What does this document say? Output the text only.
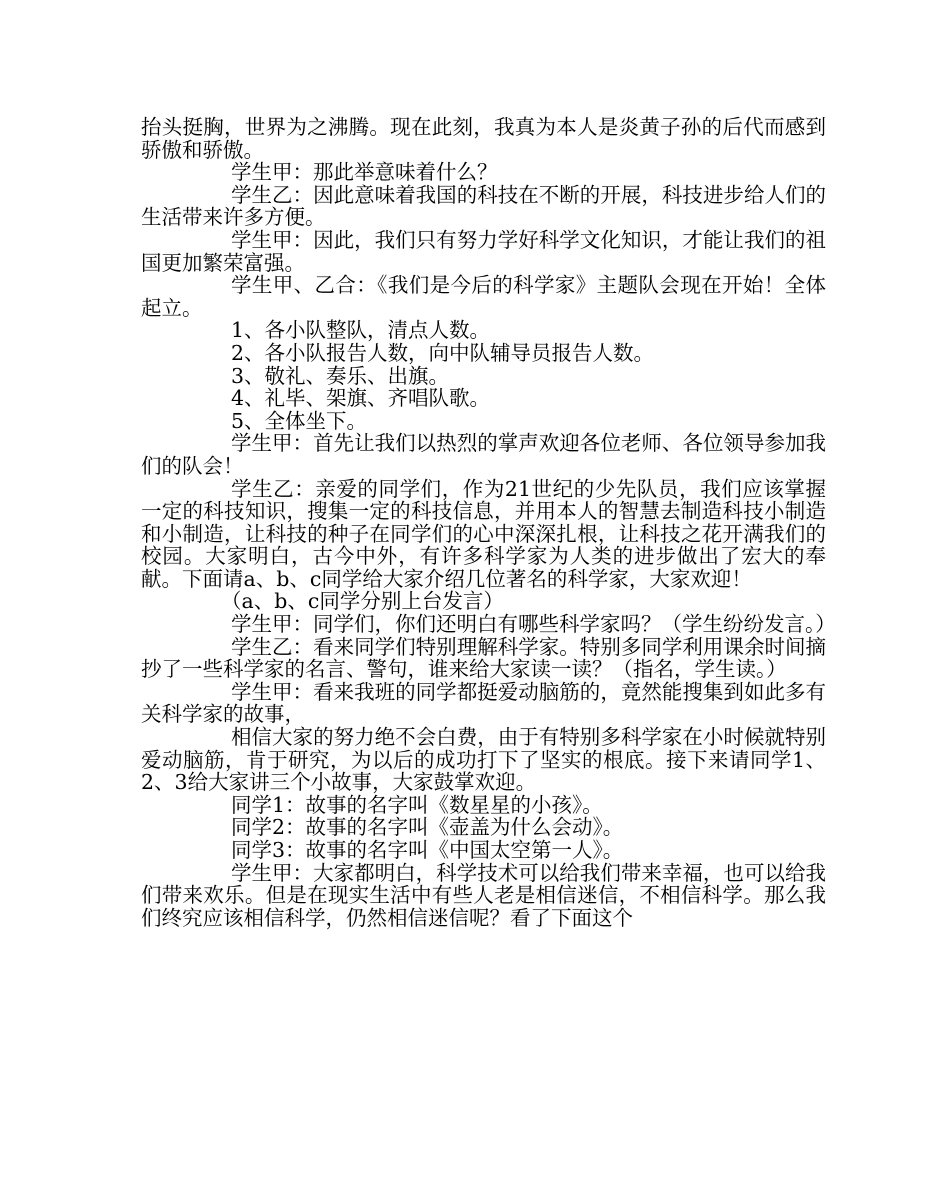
抬头挺胸，世界为之沸腾。现在此刻，我真为本人是炎黄子孙的后代而感到骄傲和骄傲。

学生甲：那此举意味着什么？

学生乙：因此意味着我国的科技在不断的开展，科技进步给人们的生活带来许多方便。

学生甲：因此，我们只有努力学好科学文化知识，才能让我们的祖国更加繁荣富强。

学生甲、乙合：《我们是今后的科学家》主题队会现在开始！全体起立。

1、各小队整队，清点人数。

2、各小队报告人数，向中队辅导员报告人数。

3、敬礼、奏乐、出旗。

4、礼毕、架旗、齐唱队歌。

5、全体坐下。

学生甲：首先让我们以热烈的掌声欢迎各位老师、各位领导参加我们的队会！

学生乙：亲爱的同学们，作为21世纪的少先队员，我们应该掌握一定的科技知识，搜集一定的科技信息，并用本人的智慧去制造科技小制造和小制造，让科技的种子在同学们的心中深深扎根，让科技之花开满我们的校园。大家明白，古今中外，有许多科学家为人类的进步做出了宏大的奉献。下面请a、b、c同学给大家介绍几位著名的科学家，大家欢迎！

（a、b、c同学分别上台发言）

学生甲：同学们，你们还明白有哪些科学家吗？（学生纷纷发言。）

学生乙：看来同学们特别理解科学家。特别多同学利用课余时间摘抄了一些科学家的名言、警句，谁来给大家读一读？（指名，学生读。）

学生甲：看来我班的同学都挺爱动脑筋的，竟然能搜集到如此多有关科学家的故事，

相信大家的努力绝不会白费，由于有特别多科学家在小时候就特别爱动脑筋，肯于研究，为以后的成功打下了坚实的根底。接下来请同学1、2、3给大家讲三个小故事，大家鼓掌欢迎。

同学1：故事的名字叫《数星星的小孩》。

同学2：故事的名字叫《壶盖为什么会动》。

同学3：故事的名字叫《中国太空第一人》。

学生甲：大家都明白，科学技术可以给我们带来幸福，也可以给我们带来欢乐。但是在现实生活中有些人老是相信迷信，不相信科学。那么我们终究应该相信科学，仍然相信迷信呢？看了下面这个
